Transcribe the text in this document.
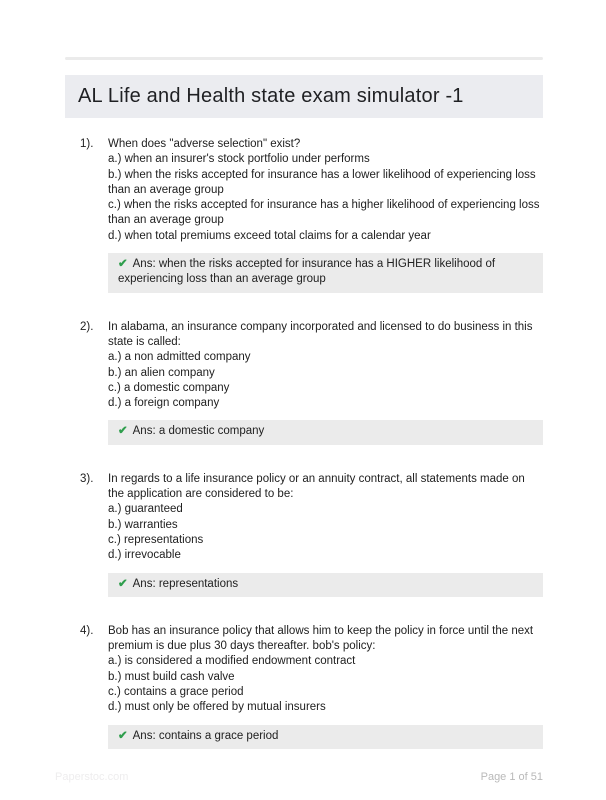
AL Life and Health state exam simulator -1
1).	When does "adverse selection" exist?
a.) when an insurer's stock portfolio under performs
b.) when the risks accepted for insurance has a lower likelihood of experiencing loss than an average group
c.) when the risks accepted for insurance has a higher likelihood of experiencing loss than an average group
d.) when total premiums exceed total claims for a calendar year
✔ Ans: when the risks accepted for insurance has a HIGHER likelihood of experiencing loss than an average group
2).	In alabama, an insurance company incorporated and licensed to do business in this state is called:
a.) a non admitted company
b.) an alien company
c.) a domestic company
d.) a foreign company
✔ Ans: a domestic company
3).	In regards to a life insurance policy or an annuity contract, all statements made on the application are considered to be:
a.) guaranteed
b.) warranties
c.) representations
d.) irrevocable
✔ Ans: representations
4).	Bob has an insurance policy that allows him to keep the policy in force until the next premium is due plus 30 days thereafter. bob's policy:
a.) is considered a modified endowment contract
b.) must build cash valve
c.) contains a grace period
d.) must only be offered by mutual insurers
✔ Ans: contains a grace period
Paperstoc.com	Page 1 of 51
